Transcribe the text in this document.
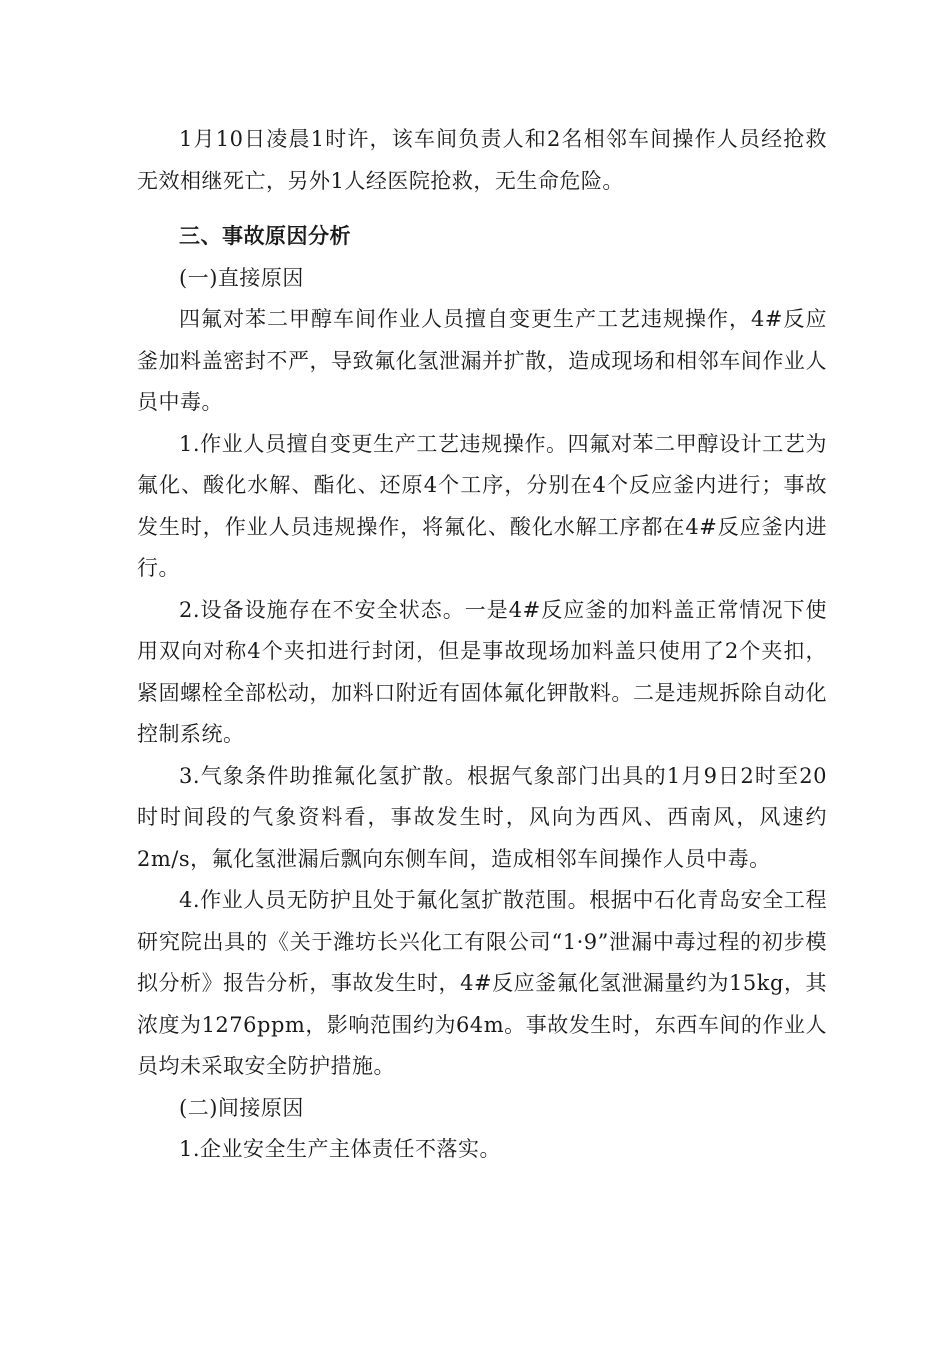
1月10日凌晨1时许，该车间负责人和2名相邻车间操作人员经抢救无效相继死亡，另外1人经医院抢救，无生命危险。

三、事故原因分析

(一)直接原因

四氟对苯二甲醇车间作业人员擅自变更生产工艺违规操作，4#反应釜加料盖密封不严，导致氟化氢泄漏并扩散，造成现场和相邻车间作业人员中毒。

1.作业人员擅自变更生产工艺违规操作。四氟对苯二甲醇设计工艺为氟化、酸化水解、酯化、还原4个工序，分别在4个反应釜内进行；事故发生时，作业人员违规操作，将氟化、酸化水解工序都在4#反应釜内进行。

2.设备设施存在不安全状态。一是4#反应釜的加料盖正常情况下使用双向对称4个夹扣进行封闭，但是事故现场加料盖只使用了2个夹扣，紧固螺栓全部松动，加料口附近有固体氟化钾散料。二是违规拆除自动化控制系统。

3.气象条件助推氟化氢扩散。根据气象部门出具的1月9日2时至20时时间段的气象资料看，事故发生时，风向为西风、西南风，风速约2m/s，氟化氢泄漏后飘向东侧车间，造成相邻车间操作人员中毒。

4.作业人员无防护且处于氟化氢扩散范围。根据中石化青岛安全工程研究院出具的《关于潍坊长兴化工有限公司“1·9”泄漏中毒过程的初步模拟分析》报告分析，事故发生时，4#反应釜氟化氢泄漏量约为15kg，其浓度为1276ppm，影响范围约为64m。事故发生时，东西车间的作业人员均未采取安全防护措施。

(二)间接原因

1.企业安全生产主体责任不落实。
